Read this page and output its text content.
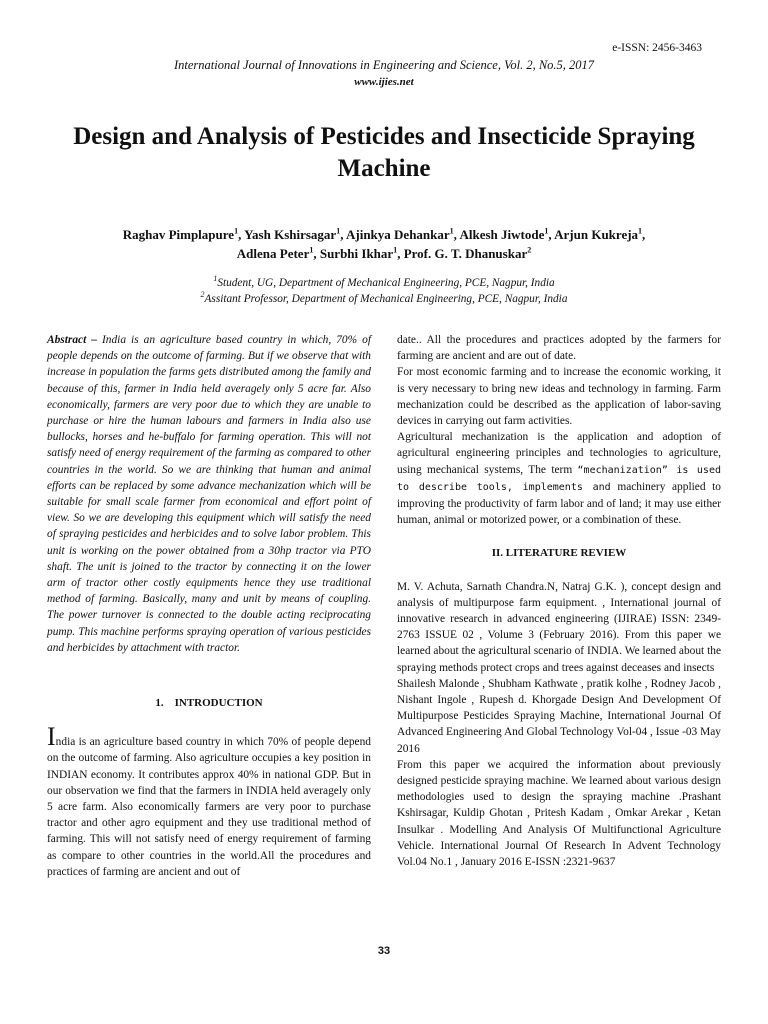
e-ISSN: 2456-3463
International Journal of Innovations in Engineering and Science, Vol. 2, No.5, 2017
www.ijies.net
Design and Analysis of Pesticides and Insecticide Spraying Machine
Raghav Pimplapure$^1$, Yash Kshirsagar$^1$, Ajinkya Dehankar$^1$, Alkesh Jiwtode$^1$, Arjun Kukreja$^1$,
Adlena Peter$^1$, Surbhi Ikhar$^1$, Prof. G. T. Dhanuskar$^2$
$^1$Student, UG, Department of Mechanical Engineering, PCE, Nagpur, India
$^2$Assitant Professor, Department of Mechanical Engineering, PCE, Nagpur, India

Abstract – India is an agriculture based country in which, 70% of people depends on the outcome of farming. But if we observe that with increase in population the farms gets distributed among the family and because of this, farmer in India held averagely only 5 acre far. Also economically, farmers are very poor due to which they are unable to purchase or hire the human labours and farmers in India also use bullocks, horses and he-buffalo for farming operation. This will not satisfy need of energy requirement of the farming as compared to other countries in the world. So we are thinking that human and animal efforts can be replaced by some advance mechanization which will be suitable for small scale farmer from economical and effort point of view. So we are developing this equipment which will satisfy the need of spraying pesticides and herbicides and to solve labor problem. This unit is working on the power obtained from a 30hp tractor via PTO shaft. The unit is joined to the tractor by connecting it on the lower arm of tractor other costly equipments hence they use traditional method of farming. Basically, many and unit by means of coupling. The power turnover is connected to the double acting reciprocating pump. This machine performs spraying operation of various pesticides and herbicides by attachment with tractor.

1.    INTRODUCTION

India is an agriculture based country in which 70% of people depend on the outcome of farming. Also agriculture occupies a key position in INDIAN economy. It contributes approx 40% in national GDP. But in our observation we find that the farmers in INDIA held averagely only 5 acre farm. Also economically farmers are very poor to purchase tractor and other agro equipment and they use traditional method of farming. This will not satisfy need of energy requirement of farming as compare to other countries in the world.All the procedures and practices of farming are ancient and out of

date.. All the procedures and practices adopted by the farmers for farming are ancient and are out of date.

For most economic farming and to increase the economic working, it is very necessary to bring new ideas and technology in farming. Farm mechanization could be described as the application of labor-saving devices in carrying out farm activities.

Agricultural mechanization is the application and adoption of agricultural engineering principles and technologies to agriculture, using mechanical systems, The term “mechanization” is used to describe tools, implements and machinery applied to improving the productivity of farm labor and of land; it may use either human, animal or motorized power, or a combination of these.

II. LITERATURE REVIEW

M. V. Achuta, Sarnath Chandra.N, Natraj G.K. ), concept design and analysis of multipurpose farm equipment. , International journal of innovative research in advanced engineering (IJIRAE) ISSN: 2349-2763 ISSUE 02 , Volume 3 (February 2016). From this paper we learned about the agricultural scenario of INDIA. We learned about the spraying methods protect crops and trees against deceases and insects

Shailesh Malonde , Shubham Kathwate , pratik kolhe , Rodney Jacob , Nishant Ingole , Rupesh d. Khorgade Design And Development Of Multipurpose Pesticides Spraying Machine, International Journal Of Advanced Engineering And Global Technology Vol-04 , Issue -03 May 2016

From this paper we acquired the information about previously designed pesticide spraying machine. We learned about various design methodologies used to design the spraying machine .Prashant Kshirsagar, Kuldip Ghotan , Pritesh Kadam , Omkar Arekar , Ketan Insulkar . Modelling And Analysis Of Multifunctional Agriculture Vehicle. International Journal Of Research In Advent Technology Vol.04 No.1 , January 2016 E-ISSN :2321-9637

33
